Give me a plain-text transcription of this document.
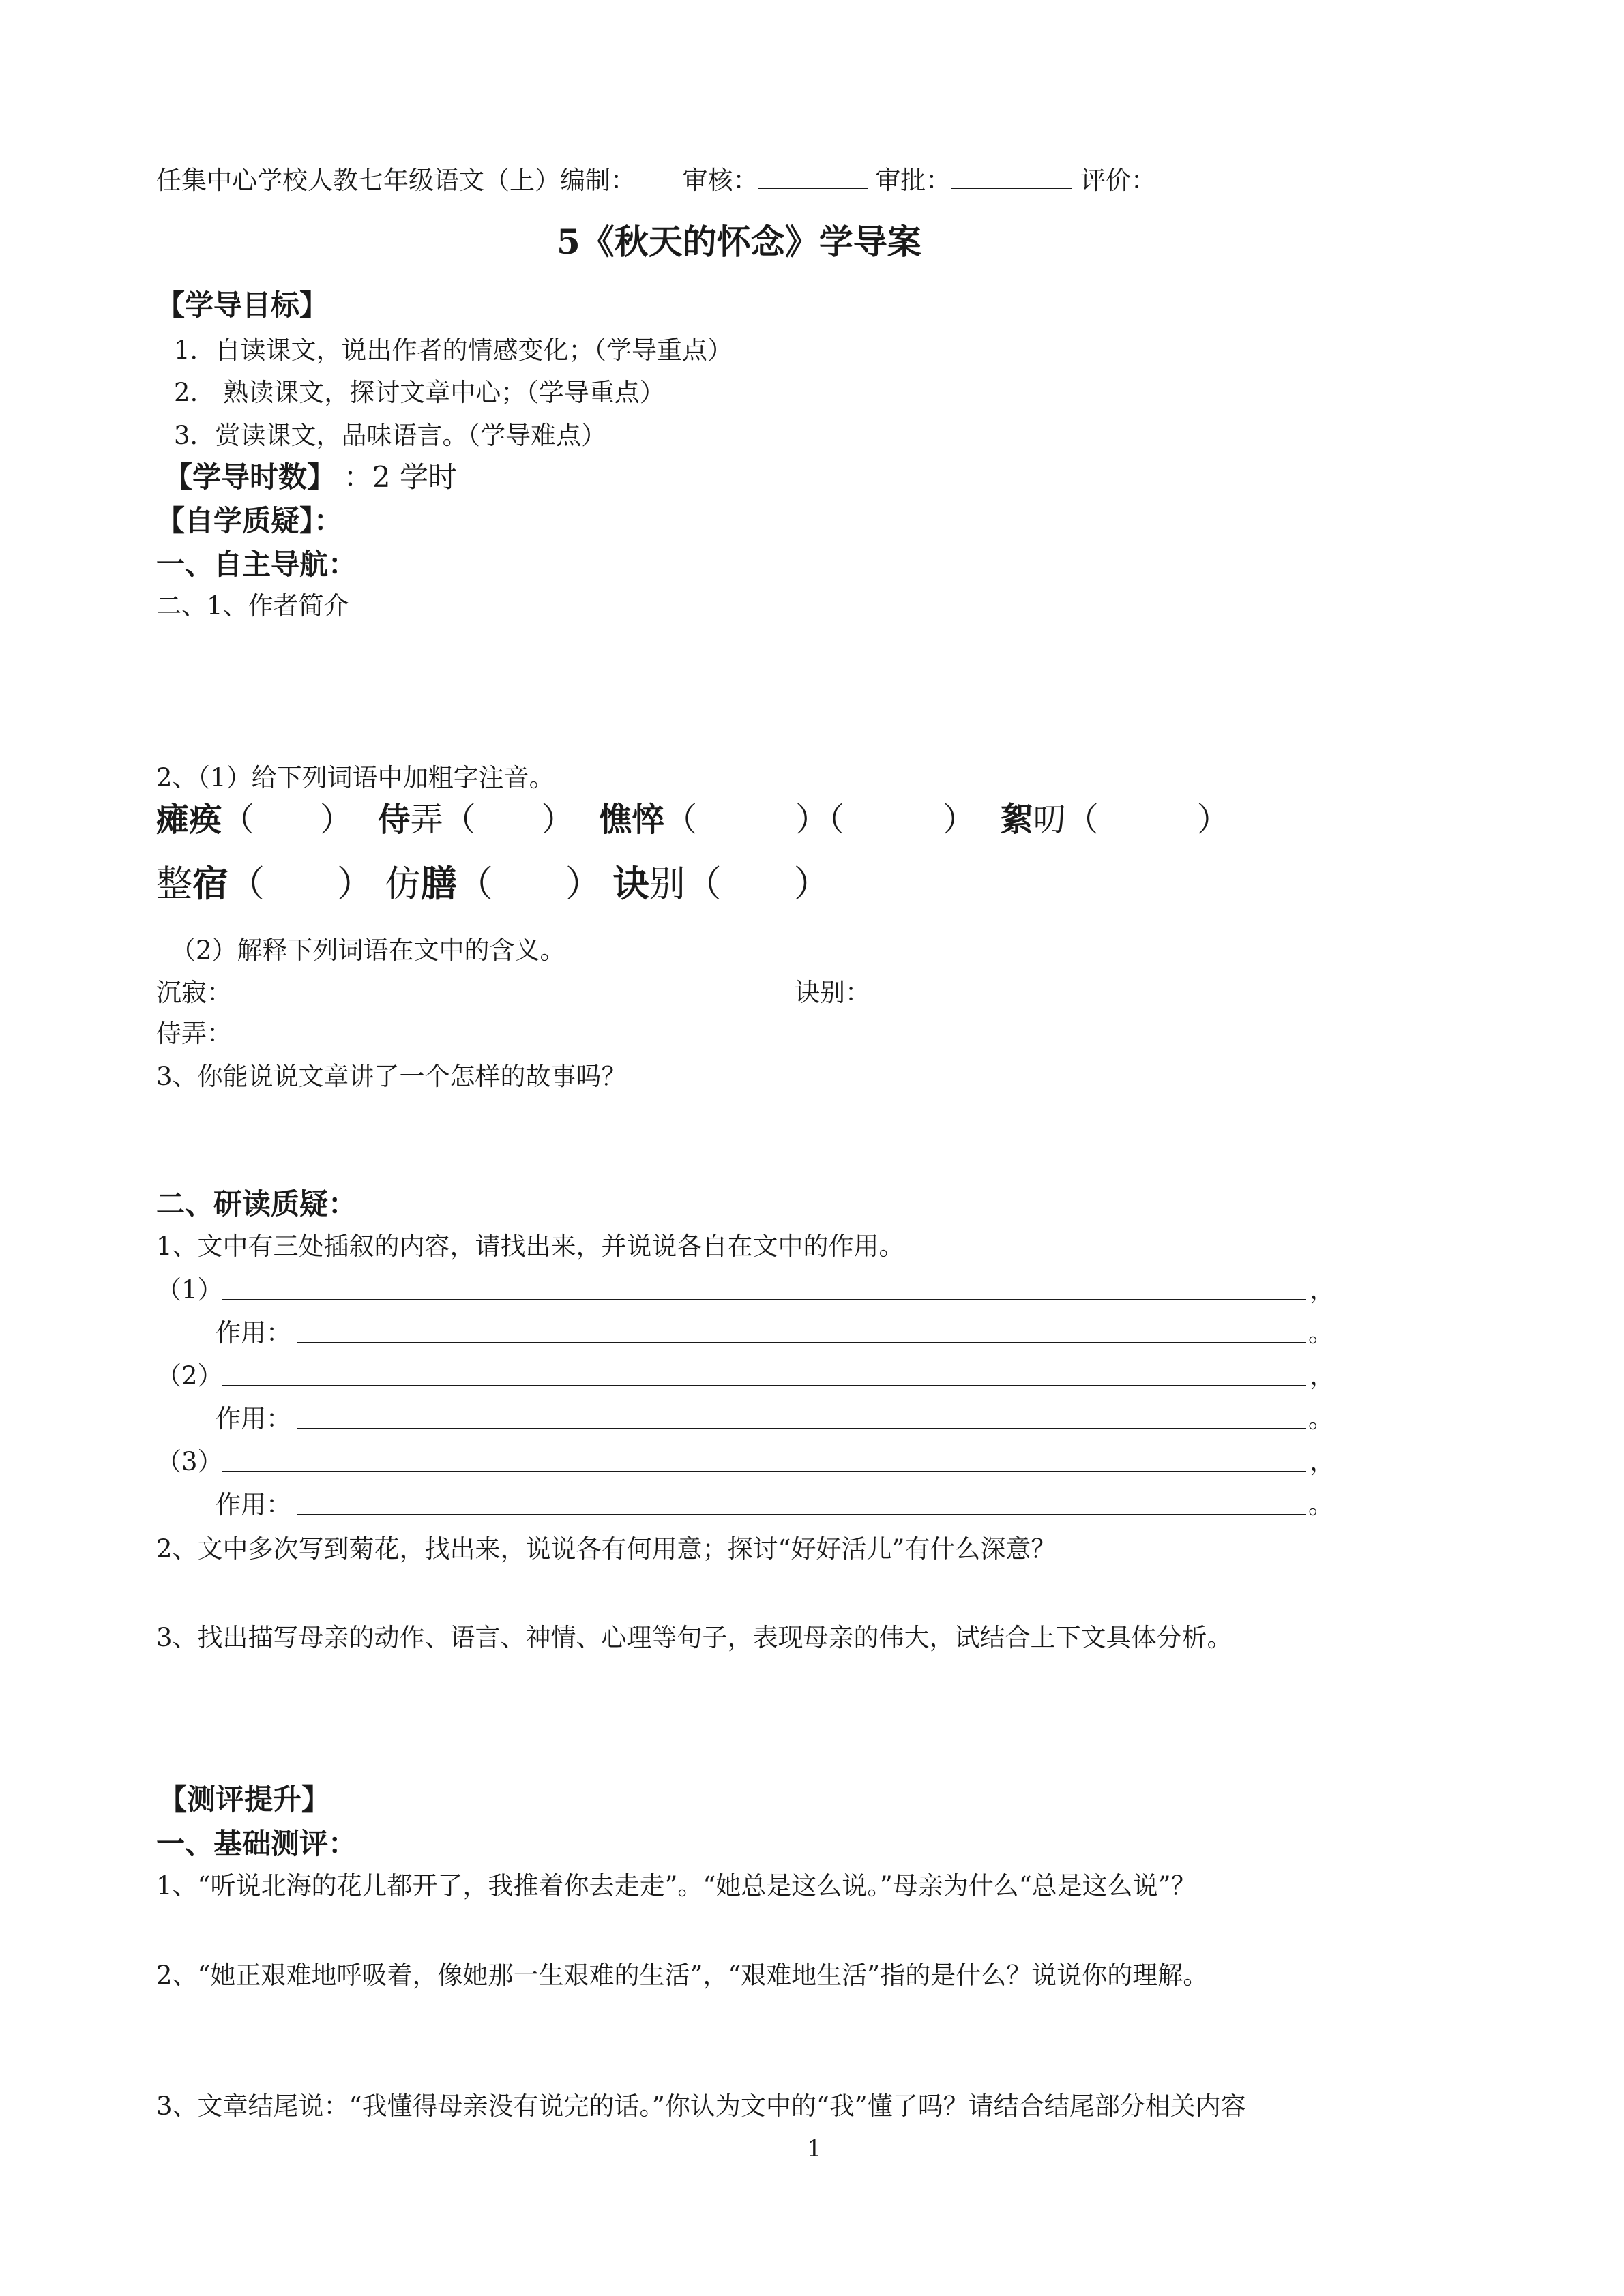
任集中心学校人教七年级语文（上）编制： 审核：	审批：	评价：
5《秋天的怀念》学导案
【学导目标】
1．自读课文，说出作者的情感变化；（学导重点）
2.　熟读课文，探讨文章中心；（学导重点）
3．赏读课文，品味语言。（学导难点）
【学导时数】 ：2 学时
【自学质疑】：
一、自主导航：
二、1、作者简介
2、（1）给下列词语中加粗字注音。
瘫痪（　　） 侍弄（　　） 憔悴（　　　）（　　　） 絮叨（　　　）
整宿（　　） 仿膳（　　） 诀别（　　）
（2）解释下列词语在文中的含义。
沉寂：	诀别：
侍弄：
3、你能说说文章讲了一个怎样的故事吗？
二、研读质疑：
1、文中有三处插叙的内容，请找出来，并说说各自在文中的作用。
（1）	，
作用：	。
（2）	，
作用：	。
（3）	，
作用：	。
2、文中多次写到菊花，找出来，说说各有何用意；探讨“好好活儿”有什么深意？
3、找出描写母亲的动作、语言、神情、心理等句子，表现母亲的伟大，试结合上下文具体分析。
【测评提升】
一、基础测评：
1、“听说北海的花儿都开了，我推着你去走走”。“她总是这么说。”母亲为什么“总是这么说”？
2、“她正艰难地呼吸着，像她那一生艰难的生活”，“艰难地生活”指的是什么？说说你的理解。
3、文章结尾说：“我懂得母亲没有说完的话。”你认为文中的“我”懂了吗？请结合结尾部分相关内容
1
